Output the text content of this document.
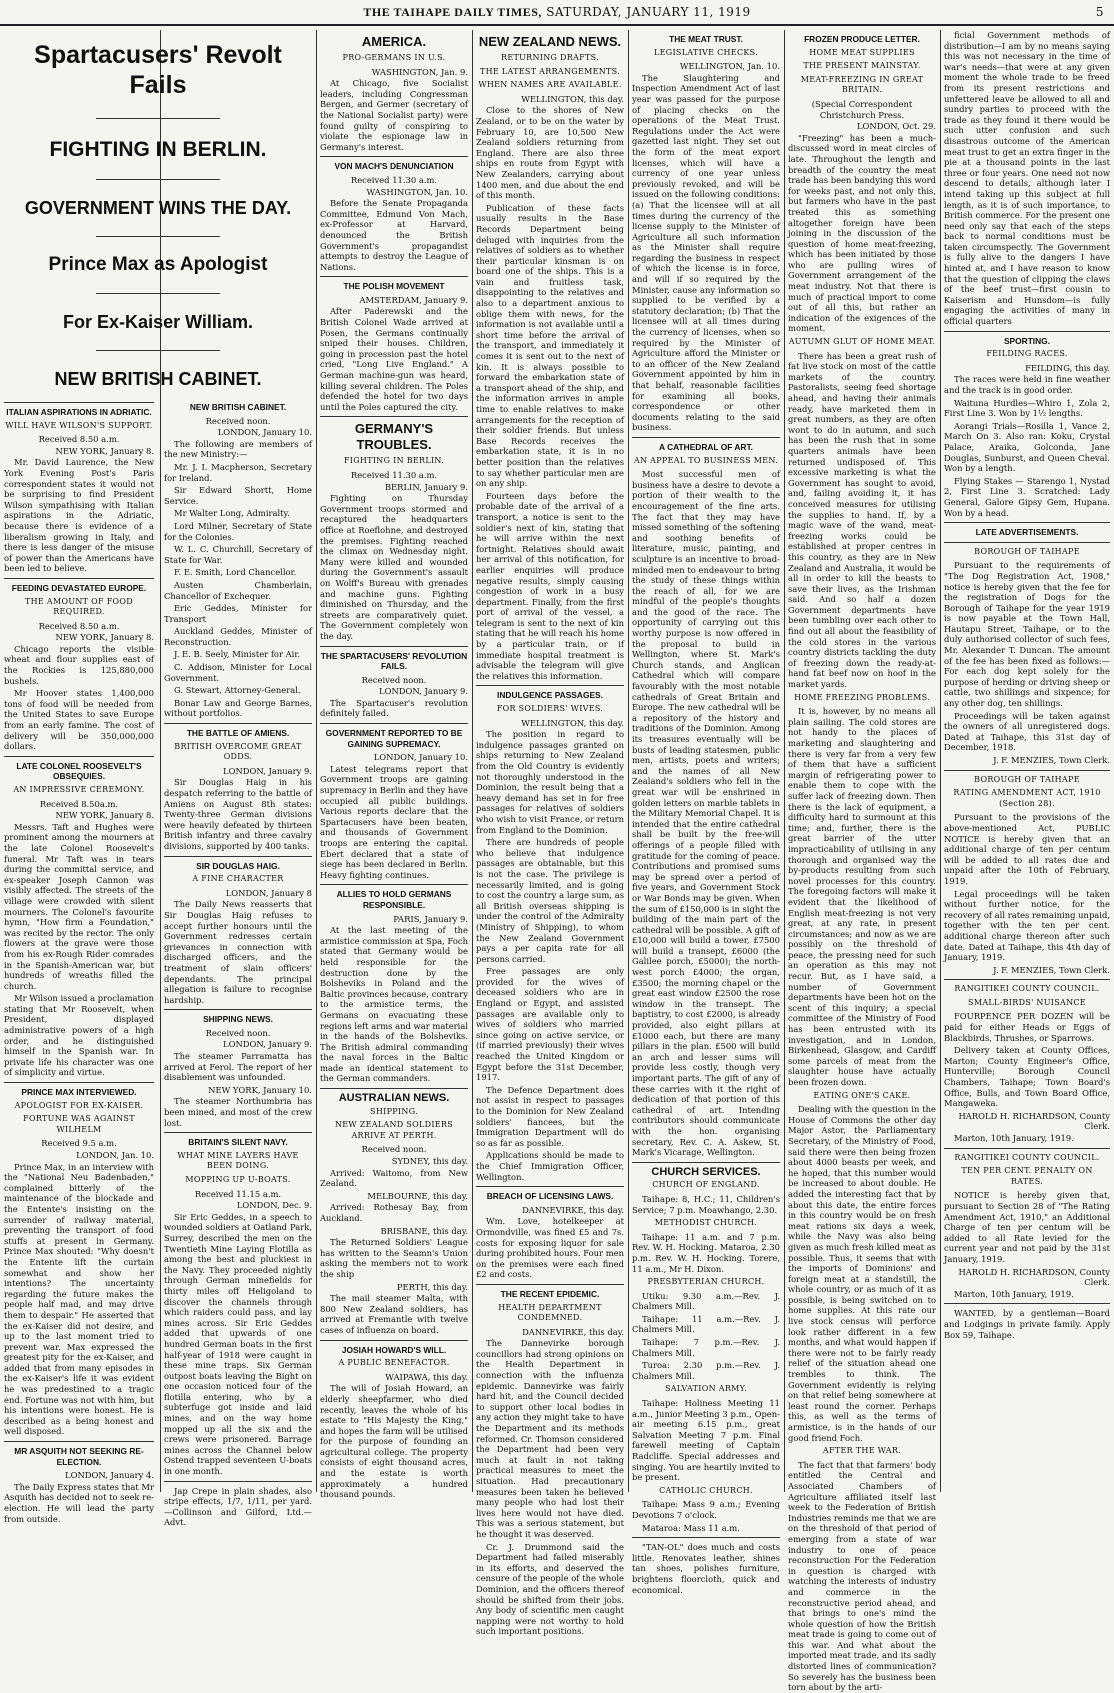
THE TAIHAPE DAILY TIMES, SATURDAY, JANUARY 11, 1919	5
Spartacusers' Revolt Fails
FIGHTING IN BERLIN.
GOVERNMENT WINS THE DAY.
Prince Max as Apologist
For Ex-Kaiser William.
NEW BRITISH CABINET.
ITALIAN ASPIRATIONS IN ADRIATIC.
WILL HAVE WILSON'S SUPPORT.
Received 8.50 a.m.
NEW YORK, January 8.

Mr. David Laurence, the New York Evening Post's Paris correspondent states it would not be surprising to find President Wilson sympathising with Italian aspirations in the Adriatic, because there is evidence of a liberalism growing in Italy, and there is less danger of the misuse of power than the Americans have been led to believe.

FEEDING DEVASTATED EUROPE.
THE AMOUNT OF FOOD REQUIRED.
Received 8.50 a.m.
NEW YORK, January 8.

Chicago reports the visible wheat and flour supplies east of the Rockies is 125,880,000 bushels.

Mr Hoover states 1,400,000 tons of food will be needed from the United States to save Europe from an early famine. The cost of delivery will be 350,000,000 dollars.

LATE COLONEL ROOSEVELT'S OBSEQUIES.
AN IMPRESSIVE CEREMONY.
Received 8.50a.m.
NEW YORK, January 8.

Messrs. Taft and Hughes were prominent among the mourners at the late Colonel Roosevelt's funeral. Mr Taft was in tears during the committal service, and ex-speaker Joseph Cannon was visibly affected. The streets of the village were crowded with silent mourners. The Colonel's favourite hymn, "How firm a Foundation," was recited by the rector. The only flowers at the grave were those from his ex-Rough Rider comrades in the Spanish-American war, but hundreds of wreaths filled the church.

Mr Wilson issued a proclamation stating that Mr Roosevelt, when President, displayed administrative powers of a high order, and he distinguished himself in the Spanish war. In private life his character was one of simplicity and virtue.

PRINCE MAX INTERVIEWED.
APOLOGIST FOR EX-KAISER.
FORTUNE WAS AGAINST WILHELM
Received 9.5 a.m.
LONDON, Jan. 10.

Prince Max, in an interview with the "National Neu Badenbaden," complained bitterly of the maintenance of the blockade and the Entente's insisting on the surrender of railway material, preventing the transport of food stuffs at present in Germany. Prince Max shouted: "Why doesn't the Entente lift the curtain somewhat and show her intentions? The uncertainty regarding the future makes the people half mad, and may drive them to despair." He asserted that the ex-Kaiser did not desire, and up to the last moment tried to prevent war. Max expressed the greatest pity for the ex-Kaiser, and added that from many episodes in the ex-Kaiser's life it was evident he was predestined to a tragic end. Fortune was not with him, but his intentions were honest. He is described as a being honest and well disposed.

MR ASQUITH NOT SEEKING RE-ELECTION.
LONDON, January 4.

The Daily Express states that Mr Asquith has decided not to seek re-election. He will lead the party from outside.

NEW BRITISH CABINET.
Received noon.
LONDON, January 10.

The following are members of the new Ministry:—

Mr. J. I. Macpherson, Secretary for Ireland.

Sir Edward Shortt, Home Service.

Mr Walter Long, Admiralty.

Lord Milner, Secretary of State for the Colonies.

W. L. C. Churchill, Secretary of State for War.

F. E. Smith, Lord Chancellor.

Austen Chamberlain, Chancellor of Exchequer.

Eric Geddes, Minister for Transport

Auckland Geddes, Minister of Reconstruction.

J. E. B. Seely, Minister for Air.

C. Addison, Minister for Local Government.

G. Stewart, Attorney-General.

Bonar Law and George Barnes, without portfolios.

THE BATTLE OF AMIENS.
BRITISH OVERCOME GREAT ODDS.
LONDON, January 9.

Sir Douglas Haig in his despatch referring to the battle of Amiens on August 8th states: Twenty-three German divisions were heavily defeated by thirteen British infantry and three cavalry divisions, supported by 400 tanks.

SIR DOUGLAS HAIG.
A FINE CHARACTER
LONDON, January 8

The Daily News reasserts that Sir Douglas Haig refuses to accept further honours until the Government redresses certain grievances in connection with discharged officers, and the treatment of slain officers' dependants. The principal allegation is failure to recognise hardship.

SHIPPING NEWS.
Received noon.
LONDON, January 9.

The steamer Parramatta has arrived at Ferol. The report of her disablement was unfounded.

NEW YORK, January 10.

The steamer Northumbria has been mined, and most of the crew lost.

BRITAIN'S SILENT NAVY.
WHAT MINE LAYERS HAVE BEEN DOING.
MOPPING UP U-BOATS.
Received 11.15 a.m.
LONDON, Dec. 9.

Sir Eric Geddes, in a speech to wounded soldiers at Oatland Park, Surrey, described the men on the Twentieth Mine Laying Flotilla as among the best and pluckiest in the Navy. They proceeded nightly through German minefields for thirty miles off Heligoland to discover the channels through which raiders could pass, and lay mines across. Sir Eric Geddes added that upwards of one hundred German boats in the first half-year of 1918 were caught in these mine traps. Six German outpost boats leaving the Bight on one occasion noticed four of the flotilla entering, who by a subterfuge got inside and laid mines, and on the way home mopped up all the six and the crews were prisonered. Barrage mines across the Channel below Ostend trapped seventeen U-boats in one month.

Jap Crepe in plain shades, also stripe effects, 1/7, 1/11, per yard.—Collinson and Gilford, Ltd.—Advt.

AMERICA.
PRO-GERMANS IN U.S.
WASHINGTON, Jan. 9.

At Chicago, five Socialist leaders, including Congressman Bergen, and Germer (secretary of the National Socialist party) were found guilty of conspiring to violate the espionage law in Germany's interest.

VON MACH'S DENUNCIATION
Received 11.30 a.m.
WASHINGTON, Jan. 10.

Before the Senate Propaganda Committee, Edmund Von Mach, ex-Professor at Harvard, denounced the British Government's propagandist attempts to destroy the League of Nations.

THE POLISH MOVEMENT
AMSTERDAM, January 9.

After Paderewski and the British Colonel Wade arrived at Posen, the Germans continually sniped their houses. Children, going in procession past the hotel cried, "Long Live England." A German machine-gun was heard, killing several children. The Poles defended the hotel for two days until the Poles captured the city.

GERMANY'S TROUBLES.
FIGHTING IN BERLIN.
Received 11.30 a.m.
BERLIN, January 9.

Fighting on Thursday Government troops stormed and recaptured the headquarters office at Roeflohne, and destroyed the premises. Fighting reached the climax on Wednesday night. Many were killed and wounded during the Government's assault on Wolff's Bureau with grenades and machine guns. Fighting diminished on Thursday, and the streets are comparatively quiet. The Government completely won the day.

THE SPARTACUSERS' REVOLUTION FAILS.
Received noon.
LONDON, January 9.

The Spartacuser's revolution definitely failed.

GOVERNMENT REPORTED TO BE GAINING SUPREMACY.
LONDON, January 10.

Latest telegrams report that Government troops are gaining supremacy in Berlin and they have occupied all public buildings. Various reports declare that the Spartacusers have been beaten, and thousands of Government troops are entering the capital. Ebert declared that a state of siege has been declared in Berlin. Heavy fighting continues.

ALLIES TO HOLD GERMANS RESPONSIBLE.
PARIS, January 9.

At the last meeting of the armistice commission at Spa, Foch stated that Germany would be held responsible for the destruction done by the Bolsheviks in Poland and the Baltic provinces because, contrary to the armistice terms, the Germans on evacuating these regions left arms and war material in the hands of the Bolsheviks. The British admiral commanding the naval forces in the Baltic made an identical statement to the German commanders.

AUSTRALIAN NEWS.
SHIPPING.
NEW ZEALAND SOLDIERS ARRIVE AT PERTH.
Received noon.
SYDNEY, this day.

Arrived: Waitomo, from New Zealand.

MELBOURNE, this day.

Arrived: Rothesay Bay, from Auckland.

BRISBANE, this day.

The Returned Soldiers' League has written to the Seamn's Union asking the members not to work the ship

PERTH, this day.

The mail steamer Malta, with 800 New Zealand soldiers, has arrived at Fremantle with twelve cases of influenza on board.

JOSIAH HOWARD'S WILL.
A PUBLIC BENEFACTOR.
WAIPAWA, this day.

The will of Josiah Howard, an elderly sheepfarmer, who died recently, leaves the whole of his estate to "His Majesty the King," and hopes the farm will be utilised for the purpose of founding an agricultural college. The property consists of eight thousand acres, and the estate is worth approximately a hundred thousand pounds.

NEW ZEALAND NEWS.
RETURNING DRAFTS.
THE LATEST ARRANGEMENTS.
WHEN NAMES ARE AVAILABLE.
WELLINGTON, this day.

Close to the shores of New Zealand, or to be on the water by February 10, are 10,500 New Zealand soldiers returning from England. There are also three ships en route from Egypt with New Zealanders, carrying about 1400 men, and due about the end of this month.

Publication of these facts usually results in the Base Records Department being deluged with inquiries from the relatives of soldiers as to whether their particular kinsman is on board one of the ships. This is a vain and fruitless task, disappointing to the relatives and also to a department anxious to oblige them with news, for the information is not available until a short time before the arrival of the transport, and immediately it comes it is sent out to the next of kin. It is always possible to forward the embarkation state of a transport ahead of the ship, and the information arrives in ample time to enable relatives to make arrangements for the reception of their soldier friends. But unless Base Records receives the embarkation state, it is in no better position than the relatives to say whether particular men are on any ship.

Fourteen days before the probable date of the arrival of a transport, a notice is sent to the soldier's next of kin, stating that he will arrive within the next fortnight. Relatives should await her arrival of this notification, for earlier enquiries will produce negative results, simply causing congestion of work in a busy department. Finally, from the first port of arrival of the vessel, a telegram is sent to the next of kin stating that he will reach his home by a particular train, or if immediate hospital treatment is advisable the telegram will give the relatives this information.

INDULGENCE PASSAGES.
FOR SOLDIERS' WIVES.
WELLINGTON, this day.

The position in regard to indulgence passages granted on ships returning to New Zealand from the Old Country is evidently not thoroughly understood in the Dominion, the result being that a heavy demand has set in for free passages for relatives of soldiers who wish to visit France, or return from England to the Dominion.

There are hundreds of people who believe that indulgence passages are obtainable, but this is not the case. The privilege is necessarily limited, and is going to cost the country a large sum, as all British overseas shipping is under the control of the Admiralty (Ministry of Shipping), to whom the New Zealand Government pays a per capita rate for all persons carried.

Free passages are only provided for the wives of deceased soldiers who are in England or Egypt, and assisted passages are available only to wives of soldiers who married since going on active service, or (if married previously) their wives reached the United Kingdom or Egypt before the 31st December, 1917.

The Defence Department does not assist in respect to passages to the Dominion for New Zealand soldiers' fiancees, but the Immigration Department will do so as far as possible.

Applications should be made to the Chief Immigration Officer, Wellington.

BREACH OF LICENSING LAWS.
DANNEVIRKE, this day.

Wm. Love, hotelkeeper at Ormondville, was fined £5 and 7s. costs for exposing liquor for sale during prohibited hours. Four men on the premises were each fined £2 and costs.

THE RECENT EPIDEMIC.
HEALTH DEPARTMENT CONDEMNED.
DANNEVIRKE, this day.

The Dannevirke borough councillors had strong opinions on the Health Department in connection with the influenza epidemic. Dannevirke was fairly hard hit, and the Council decided to support other local bodies in any action they might take to have the Department and its methods reformed. Cr. Thomson considered the Department had been very much at fault in not taking practical measures to meet the situation. Had precautionary measures been taken he believed many people who had lost their lives here would not have died. This was a serious statement, but he thought it was deserved.

Cr. J. Drummond said the Department had failed miserably in its efforts, and deserved the censure of the people of the whole Dominion, and the officers thereof should be shifted from their jobs. Any body of scientific men caught napping were not worthy to hold such important positions.

THE MEAT TRUST.
LEGISLATIVE CHECKS.
WELLINGTON, Jan. 10.

The Slaughtering and Inspection Amendment Act of last year was passed for the purpose of placing checks on the operations of the Meat Trust. Regulations under the Act were gazetted last night. They set out the form of the meat export licenses, which will have a currency of one year unless previously revoked, and will be issued on the following conditions: (a) That the licensee will at all times during the currency of the license supply to the Minister of Agriculture all such information as the Minister shall require regarding the business in respect of which the license is in force, and will if so required by the Minister, cause any information so supplied to be verified by a statutory declaration; (b) That the licensee will at all times during the currency of licenses, when so required by the Minister of Agriculture afford the Minister or to an officer of the New Zealand Government appointed by him in that behalf, reasonable facilities for examining all books, correspondence or other documents relating to the said business.

A CATHEDRAL OF ART.
AN APPEAL TO BUSINESS MEN.

Most successful men of business have a desire to devote a portion of their wealth to the encouragement of the fine arts. The fact that they may have missed something of the softening and soothing benefits of literature, music, painting, and sculpture is an incentive to broad-minded men to endeavour to bring the study of these things within the reach of all, for we are mindful of the people's thoughts and the good of the race. The opportunity of carrying out this worthy purpose is now offered in the proposal to build in Wellington, where St. Mark's Church stands, and Anglican Cathedral which will compare favourably with the most notable cathedrals of Great Britain and Europe. The new cathedral will be a repository of the history and traditions of the Dominion. Among its treasures eventually will be busts of leading statesmen, public men, artists, poets and writers; and the names of all New Zealand's soldiers who fell in the great war will be enshrined in golden letters on marble tablets in the Military Memorial Chapel. It is intended that the entire cathedral shall be built by the free-will offerings of a people filled with gratitude for the coming of peace. Contributions and promised sums may be spread over a period of five years, and Government Stock or War Bonds may be given. When the sum of £150,000 is in sight the building of the main part of the cathedral will be possible. A gift of £10,000 will build a tower, £7500 will build a transept, £6000 (the Galilee porch, £5000); the north-west porch £4000; the organ, £3500; the morning chapel or the great east window £2500 the rose window in the transept. The baptistry, to cost £2000, is already provided, also eight pillars at £1000 each, but there are many pillars in the plan. £500 will build an arch and lesser sums will provide less costly, though very important parts. The gift of any of these carries with it the right of dedication of that portion of this cathedral of art. Intending contributors should communicate with the hon. organising secretary, Rev. C. A. Askew, St. Mark's Vicarage, Wellington.

CHURCH SERVICES.
CHURCH OF ENGLAND.

Taihape: 8, H.C.; 11, Children's Service; 7 p.m. Moawhango, 2.30.

METHODIST CHURCH.

Taihape: 11 a.m. and 7 p.m. Rev. W. H. Hocking. Mataroa, 2.30 p.m. Rev. W. H. Hocking. Torere, 11 a.m., Mr H. Dixon.

PRESBYTERIAN CHURCH.

Utiku: 9.30 a.m.—Rev. J. Chalmers Mill.

Taihape: 11 a.m.—Rev. J. Chalmers Mill.

Taihape: 7 p.m.—Rev. J. Chalmers Mill.

Turoa: 2.30 p.m.—Rev. J. Chalmers Mill.

SALVATION ARMY.

Taihape: Holiness Meeting 11 a.m., Junior Meeting 3 p.m., Open-air meeting 6.15 p.m., great Salvation Meeting 7 p.m. Final farewell meeting of Captain Radcliffe. Special addresses and singing. You are heartily invited to be present.

CATHOLIC CHURCH.

Taihape: Mass 9 a.m.; Evening Devotions 7 o'clock.

Mataroa: Mass 11 a.m.

"TAN-OL" does much and costs little. Renovates leather, shines tan shoes, polishes furniture, brightens floorcloth, quick and economical.

FROZEN PRODUCE LETTER.
HOME MEAT SUPPLIES
THE PRESENT MAINSTAY.
MEAT-FREEZING IN GREAT BRITAIN.
(Special Correspondent Christchurch Press.
LONDON, Oct. 29.

"Freezing" has been a much-discussed word in meat circles of late. Throughout the length and breadth of the country the meat trade has been bandying this word for weeks past, and not only this, but farmers who have in the past treated this as something altogether foreign have been joining in the discussion of the question of home meat-freezing, which has been initiated by those who are pulling wires of Government arrangement of the meat industry. Not that there is much of practical import to come out of all this, but rather an indication of the exigences of the moment.

AUTUMN GLUT OF HOME MEAT.

There has been a great rush of fat live stock on most of the cattle markets of the country. Pastoralists, seeing feed shortage ahead, and having their animals ready, have marketed them in great numbers, as they are often wont to do in autumn, and such has been the rush that in some quarters animals have been returned undisposed of. This excessive marketing is what the Government has sought to avoid, and, failing avoiding it, it has conceived measures for utilising the supplies to hand. If, by a magic wave of the wand, meat-freezing works could be established at proper centres in this country, as they are in New Zealand and Australia, it would be all in order to kill the beasts to save their lives, as the Irishman said. And so half a dozen Government departments have been tumbling over each other to find out all about the feasibility of the cold stores in the various country districts tackling the duty of freezing down the ready-at-hand fat beef now on hoof in the market yards.

HOME FREEZING PROBLEMS.

It is, however, by no means all plain sailing. The cold stores are not handy to the places of marketing and slaughtering and there is very far from a very few of them that have a sufficient margin of refrigerating power to enable them to cope with the suffer lack of freezing down. Then there is the lack of equipment, a difficulty hard to surmount at this time; and, further, there is the great barrier of the utter impracticability of utilising in any thorough and organised way the by-products resulting from such novel processes for this country. The foregoing factors will make it evident that the likelihood of English meat-freezing is not very great, at any rate, in present circumstances; and now as we are possibly on the threshold of peace, the pressing need for such an operation as this may not recur. But, as I have said, a number of Government departments have been hot on the scent of this inquiry; a special committee of the Ministry of Food has been entrusted with its investigation, and in London, Birkenhead, Glasgow, and Cardiff some parcels of meat from the slaughter house have actually been frozen down.

EATING ONE'S CAKE.

Dealing with the question in the House of Commons the other day Major Astor, the Parliamentary Secretary, of the Ministry of Food, said there were then being frozen about 4000 beasts per week, and he hoped, that this number would be increased to about double. He added the interesting fact that by about this date, the entire forces in this country would be on fresh meat rations six days a week, while the Navy was also being given as much fresh killed meat as possible. Thus, it seems that with the imports of Dominions' and foreign meat at a standstill, the whole country, or as much of it as possible, is being switched on to home supplies. At this rate our live stock census will perforce look rather different in a few months, and what would happen if there were not to be fairly ready relief of the situation ahead one trembles to think. The Government evidently is relying on that relief being somewhere at least round the corner. Perhaps this, as well as the terms of armistice, is in the hands of our good friend Foch.

AFTER THE WAR.

The fact that that farmers' body entitled the Central and Associated Chambers of Agriculture affiliated itself last week to the Federation of British Industries reminds me that we are on the threshold of that period of emerging from a state of war industry to one of peace reconstruction For the Federation in question is charged with watching the interests of industry and commerce in the reconstructive period ahead, and that brings to one's mind the whole question of how the British meat trade is going to come out of this war. And what about the imported meat trade, and its sadly distorted lines of communication? So severely has the business been torn about by the arti-

ficial Government methods of distribution—I am by no means saying this was not necessary in the time of war's needs—that were at any given moment the whole trade to be freed from its present restrictions and unfettered leave be allowed to all and sundry parties to proceed with the trade as they found it there would be such utter confusion and such disastrous outcome of the American meat trust to get an extra finger in the pie at a thousand points in the last three or four years. One need not now descend to details, although later I intend taking up this subject at full length, as it is of such importance, to British commerce. For the present one need only say that each of the steps back to normal conditions must be taken circumspectly. The Government is fully alive to the dangers I have hinted at, and I have reason to know that the question of clipping the claws of the beef trust—first cousin to Kaiserism and Hunsdom—is fully engaging the activities of many in official quarters

SPORTING.
FEILDING RACES.
FEILDING, this day.

The races were held in fine weather and the track is in good order.

Waituna Hurdles—Whiro 1, Zola 2, First Line 3. Won by 1½ lengths.

Aorangi Trials—Rosilla 1, Vance 2, March On 3. Also ran: Koku, Crystal Palace, Araika, Golconda, Jane Douglas, Sunburst, and Queen Cheval. Won by a length.

Flying Stakes — Starengo 1, Nystad 2, First Line 3. Scratched: Lady General, Galore Gipsy Gem, Hupana. Won by a head.

LATE ADVERTISEMENTS.
BOROUGH OF TAIHAPE

Pursuant to the requirements of "The Dog Registration Act, 1908," notice is hereby given that the fee for the registration of Dogs for the Borough of Taihape for the year 1919 is now payable at the Town Hall, Hautapu Street, Taihape, or to the duly authorised collector of such fees, Mr. Alexander T. Duncan. The amount of the fee has been fixed as follows:—For each dog kept solely for the purpose of herding or driving sheep or cattle, two shillings and sixpence; for any other dog, ten shillings.

Proceedings will be taken against the owners of all unregistered dogs. Dated at Taihape, this 31st day of December, 1918.

J. F. MENZIES, Town Clerk.
BOROUGH OF TAIHAPE
RATING AMENDMENT ACT, 1910 (Section 28).

Pursuant to the provisions of the above-mentioned Act, PUBLIC NOTICE is hereby given that an additional charge of ten per centum will be added to all rates due and unpaid after the 10th of February, 1919.

Legal proceedings will be taken without further notice, for the recovery of all rates remaining unpaid, together with the ten per cent. additional charge thereon after such date. Dated at Taihape, this 4th day of January, 1919.

J. F. MENZIES, Town Clerk.
RANGITIKEI COUNTY COUNCIL.
SMALL-BIRDS' NUISANCE

FOURPENCE PER DOZEN will be paid for either Heads or Eggs of Blackbirds, Thrushes, or Sparrows.

Delivery taken at County Offices, Marton; County Engineer's Office, Hunterville; Borough Council Chambers, Taihape; Town Board's Office, Bulls, and Town Board Office, Mangaweka.

HAROLD H. RICHARDSON, County Clerk.

Marton, 10th January, 1919.

RANGITIKEI COUNTY COUNCIL.
TEN PER CENT. PENALTY ON RATES.

NOTICE is hereby given that, pursuant to Section 28 of "The Rating Amendment Act, 1910," an Additional Charge of ten per centum will be added to all Rate levied for the current year and not paid by the 31st January, 1919.

HAROLD H. RICHARDSON, County Clerk.

Marton, 10th January, 1919.

WANTED, by a gentleman—Board and Lodgings in private family. Apply Box 59, Taihape.
